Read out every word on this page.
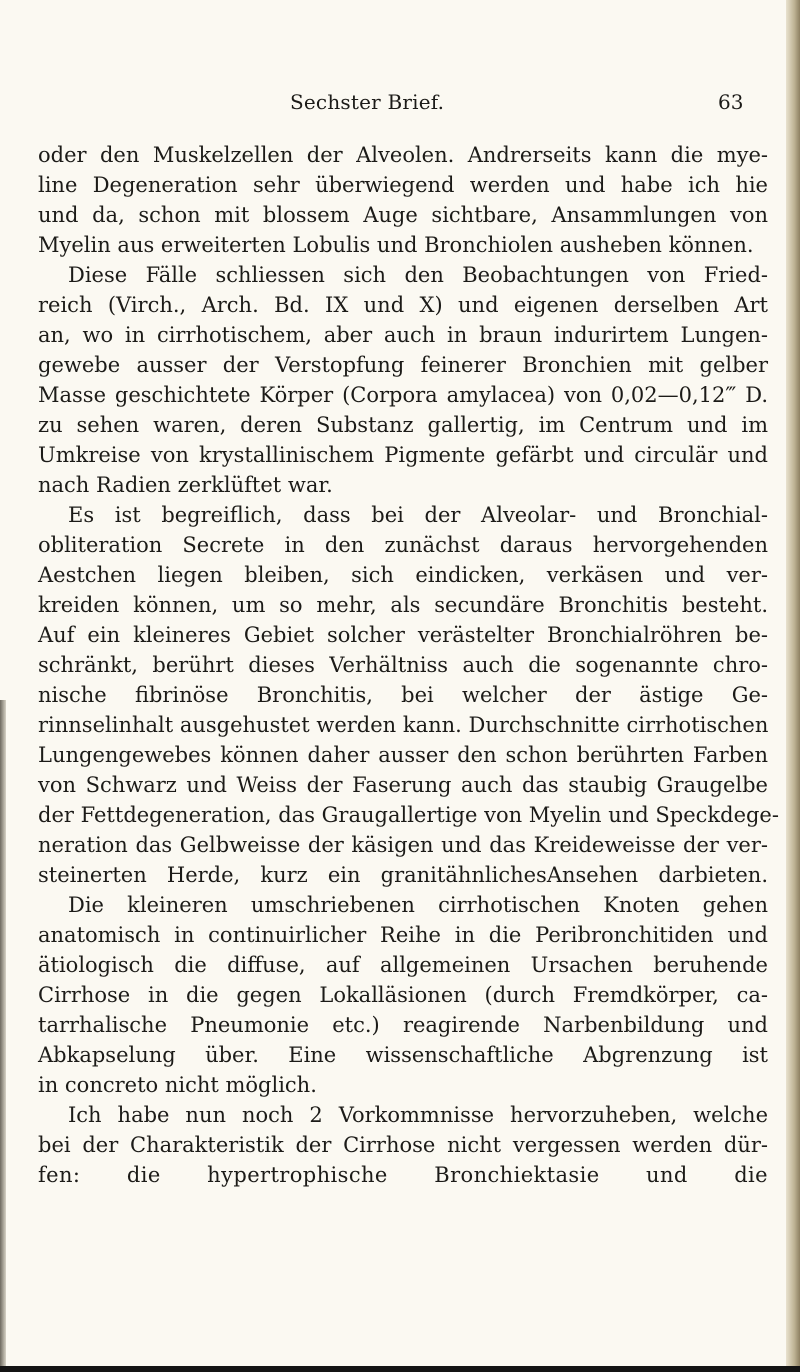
Sechster Brief.	63
oder den Muskelzellen der Alveolen. Andrerseits kann die mye-
line Degeneration sehr überwiegend werden und habe ich hie
und da, schon mit blossem Auge sichtbare, Ansammlungen von
Myelin aus erweiterten Lobulis und Bronchiolen ausheben können.
Diese Fälle schliessen sich den Beobachtungen von Fried-
reich (Virch., Arch. Bd. IX und X) und eigenen derselben Art
an, wo in cirrhotischem, aber auch in braun indurirtem Lungen-
gewebe ausser der Verstopfung feinerer Bronchien mit gelber
Masse geschichtete Körper (Corpora amylacea) von 0,02—0,12‴ D.
zu sehen waren, deren Substanz gallertig, im Centrum und im
Umkreise von krystallinischem Pigmente gefärbt und circulär und
nach Radien zerklüftet war.
Es ist begreiflich, dass bei der Alveolar- und Bronchial-
obliteration Secrete in den zunächst daraus hervorgehenden
Aestchen liegen bleiben, sich eindicken, verkäsen und ver-
kreiden können, um so mehr, als secundäre Bronchitis besteht.
Auf ein kleineres Gebiet solcher verästelter Bronchialröhren be-
schränkt, berührt dieses Verhältniss auch die sogenannte chro-
nische fibrinöse Bronchitis, bei welcher der ästige Ge-
rinnselinhalt ausgehustet werden kann. Durchschnitte cirrhotischen
Lungengewebes können daher ausser den schon berührten Farben
von Schwarz und Weiss der Faserung auch das staubig Graugelbe
der Fettdegeneration, das Graugallertige von Myelin und Speckdege-
neration das Gelbweisse der käsigen und das Kreideweisse der ver-
steinerten Herde, kurz ein granitähnlichesAnsehen darbieten.
Die kleineren umschriebenen cirrhotischen Knoten gehen
anatomisch in continuirlicher Reihe in die Peribronchitiden und
ätiologisch die diffuse, auf allgemeinen Ursachen beruhende
Cirrhose in die gegen Lokalläsionen (durch Fremdkörper, ca-
tarrhalische Pneumonie etc.) reagirende Narbenbildung und
Abkapselung über. Eine wissenschaftliche Abgrenzung ist
in concreto nicht möglich.
Ich habe nun noch 2 Vorkommnisse hervorzuheben, welche
bei der Charakteristik der Cirrhose nicht vergessen werden dür-
fen: die hypertrophische Bronchiektasie und die
